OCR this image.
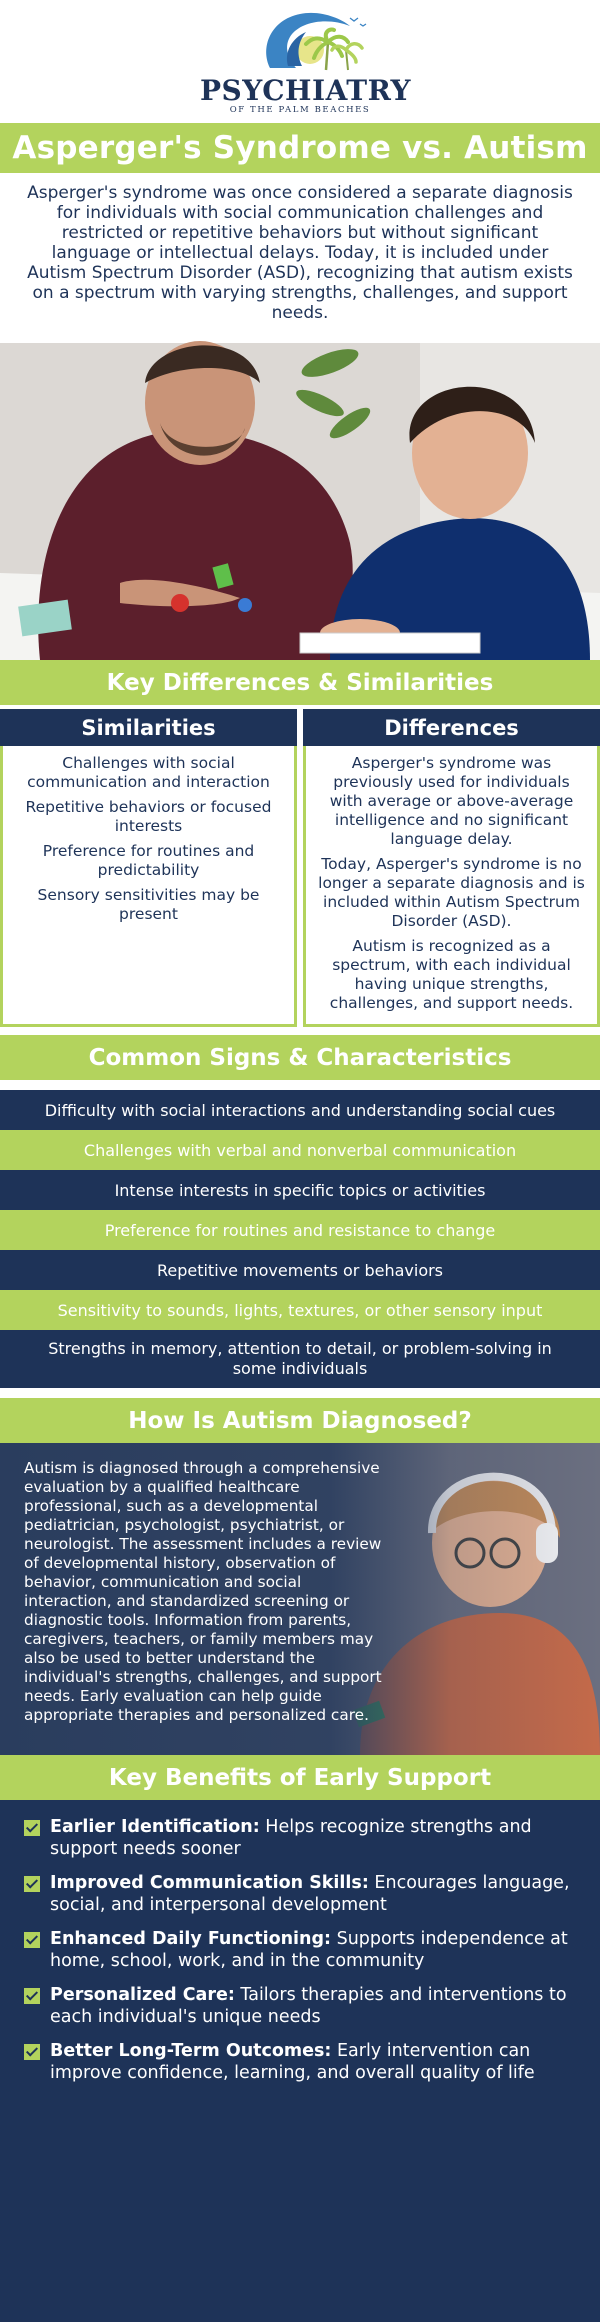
PSYCHIATRY
OF THE PALM BEACHES
Asperger's Syndrome vs. Autism
Asperger's syndrome was once considered a separate diagnosis for individuals with social communication challenges and restricted or repetitive behaviors but without significant language or intellectual delays. Today, it is included under Autism Spectrum Disorder (ASD), recognizing that autism exists on a spectrum with varying strengths, challenges, and support needs.
Key Differences & Similarities
Similarities

Challenges with social communication and interaction

Repetitive behaviors or focused interests

Preference for routines and predictability

Sensory sensitivities may be present

Differences

Asperger's syndrome was previously used for individuals with average or above-average intelligence and no significant language delay.

Today, Asperger's syndrome is no longer a separate diagnosis and is included within Autism Spectrum Disorder (ASD).

Autism is recognized as a spectrum, with each individual having unique strengths, challenges, and support needs.

Common Signs & Characteristics
Difficulty with social interactions and understanding social cues
Challenges with verbal and nonverbal communication
Intense interests in specific topics or activities
Preference for routines and resistance to change
Repetitive movements or behaviors
Sensitivity to sounds, lights, textures, or other sensory input
Strengths in memory, attention to detail, or problem-solving in some individuals
How Is Autism Diagnosed?
Autism is diagnosed through a comprehensive evaluation by a qualified healthcare professional, such as a developmental pediatrician, psychologist, psychiatrist, or neurologist. The assessment includes a review of developmental history, observation of behavior, communication and social interaction, and standardized screening or diagnostic tools. Information from parents, caregivers, teachers, or family members may also be used to better understand the individual's strengths, challenges, and support needs. Early evaluation can help guide appropriate therapies and personalized care.
Key Benefits of Early Support
Earlier Identification: Helps recognize strengths and support needs sooner
Improved Communication Skills: Encourages language, social, and interpersonal development
Enhanced Daily Functioning: Supports independence at home, school, work, and in the community
Personalized Care: Tailors therapies and interventions to each individual's unique needs
Better Long-Term Outcomes: Early intervention can improve confidence, learning, and overall quality of life
